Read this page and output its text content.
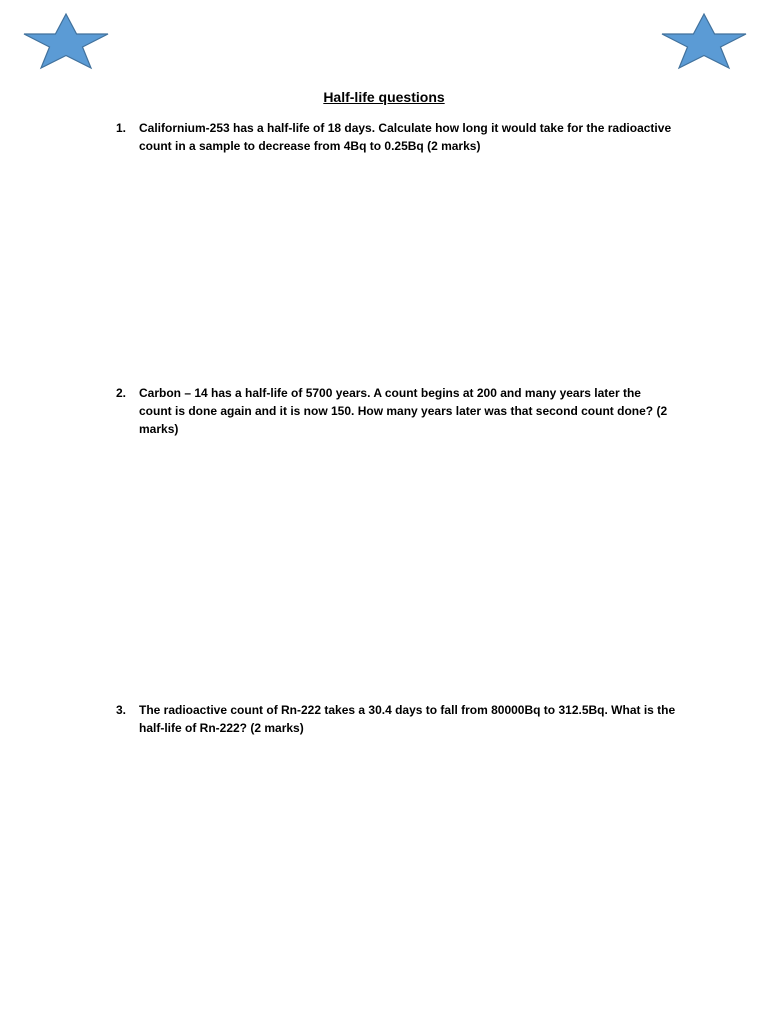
Half-life questions
1.	Californium-253 has a half-life of 18 days. Calculate how long it would take for the radioactive count in a sample to decrease from 4Bq to 0.25Bq (2 marks)
2.	Carbon – 14 has a half-life of 5700 years. A count begins at 200 and many years later the count is done again and it is now 150. How many years later was that second count done? (2 marks)
3.	The radioactive count of Rn-222 takes a 30.4 days to fall from 80000Bq to 312.5Bq. What is the half-life of Rn-222? (2 marks)
